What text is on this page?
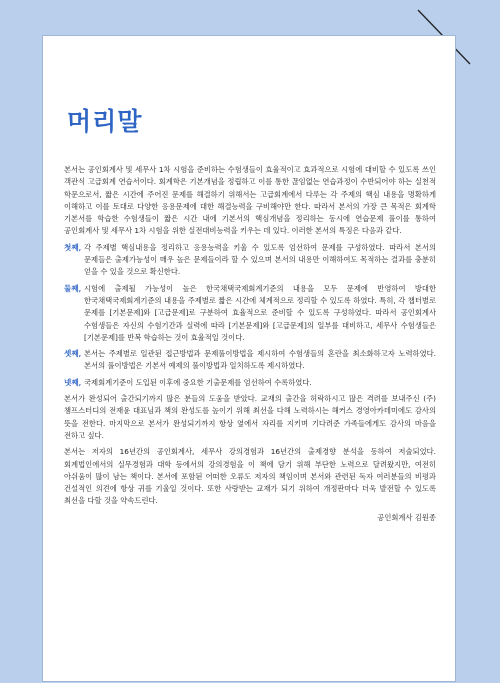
머리말

본서는 공인회계사 및 세무사 1차 시험을 준비하는 수험생들이 효율적이고 효과적으로 시험에 대비할 수 있도록 쓰인 객관식 고급회계 연습서이다. 회계학은 기본개념을 정립하고 이를 통한 끊임없는 연습과정이 수반되어야 하는 실천적 학문으로서, 짧은 시간에 주어진 문제를 해결하기 위해서는 고급회계에서 다루는 각 주제의 핵심 내용을 명확하게 이해하고 이를 토대로 다양한 응용문제에 대한 해결능력을 구비해야만 한다. 따라서 본서의 가장 큰 목적은 회계학 기본서를 학습한 수험생들이 짧은 시간 내에 기본서의 핵심개념을 정리하는 동시에 연습문제 풀이를 통하여 공인회계사 및 세무사 1차 시험을 위한 실전대비능력을 키우는 데 있다. 이러한 본서의 특징은 다음과 같다.

첫째, 각 주제별 핵심내용을 정리하고 응용능력을 키울 수 있도록 엄선하여 문제를 구성하였다. 따라서 본서의 문제들은 출제가능성이 매우 높은 문제들이라 할 수 있으며 본서의 내용만 이해하여도 목적하는 결과를 충분히 얻을 수 있을 것으로 확신한다.
둘째, 시험에 출제될 가능성이 높은 한국채택국제회계기준의 내용을 모두 문제에 반영하여 방대한 한국채택국제회계기준의 내용을 주제별로 짧은 시간에 체계적으로 정리할 수 있도록 하였다. 특히, 각 챕터별로 문제를 [기본문제]와 [고급문제]로 구분하여 효율적으로 준비할 수 있도록 구성하였다. 따라서 공인회계사 수험생들은 자신의 수험기간과 실력에 따라 [기본문제]와 [고급문제]의 일부를 대비하고, 세무사 수험생들은 [기본문제]를 반복 학습하는 것이 효율적일 것이다.
셋째, 본서는 주제별로 일관된 접근방법과 문제풀이방법을 제시하여 수험생들의 혼란을 최소화하고자 노력하였다. 본서의 풀이방법은 기본서 예제의 풀이방법과 일치하도록 제시하였다.
넷째, 국제회계기준이 도입된 이후에 중요한 기출문제를 엄선하여 수록하였다.

본서가 완성되어 출간되기까지 많은 분들의 도움을 받았다. 교재의 출간을 허락하시고 많은 격려를 보내주신 (주)챔프스터디의 전재윤 대표님과 책의 완성도를 높이기 위해 최선을 다해 노력하시는 해커스 경영아카데미에도 감사의 뜻을 전한다. 마지막으로 본서가 완성되기까지 항상 옆에서 자리를 지키며 기다려준 가족들에게도 감사의 마음을 전하고 싶다.

본서는 저자의 16년간의 공인회계사, 세무사 강의경험과 16년간의 출제경향 분석을 동하여 저술되었다. 회계법인에서의 실무경험과 대학 등에서의 강의경험을 이 책에 담기 위해 부단한 노력으로 달려왔지만, 여전히 아쉬움이 많이 남는 책이다. 본서에 포함된 어떠한 오류도 저자의 책임이며 본서와 관련된 독자 여러분들의 비평과 건설적인 의견에 항상 귀를 기울일 것이다. 또한 사랑받는 교재가 되기 위하여 개정판마다 더욱 발전할 수 있도록 최선을 다할 것을 약속드린다.

공인회계사 김원종
